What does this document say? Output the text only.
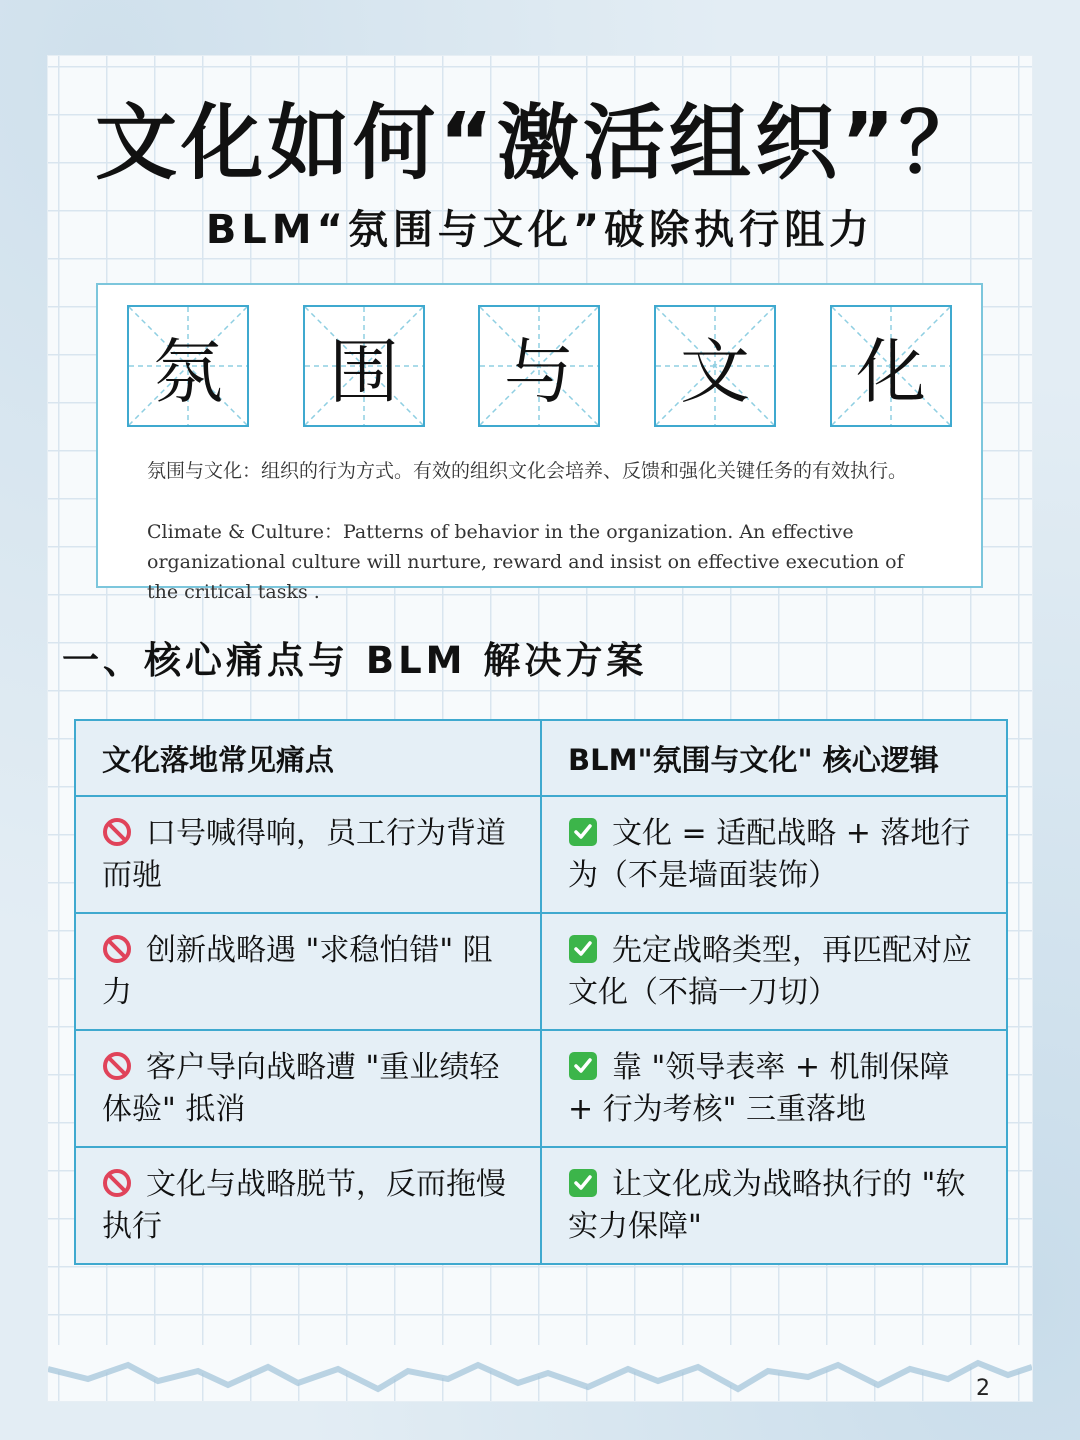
文化如何“激活组织”？
BLM“氛围与文化”破除执行阻力
氛	围	与	文	化
氛围与文化：组织的行为方式。有效的组织文化会培养、反馈和强化关键任务的有效执行。
Climate & Culture：Patterns of behavior in the organization. An effective organizational culture will nurture, reward and insist on effective execution of the critical tasks .
一、核心痛点与 BLM 解决方案
文化落地常见痛点	BLM"氛围与文化" 核心逻辑
口号喊得响，员工行为背道而驰	文化 = 适配战略 + 落地行为（不是墙面装饰）
创新战略遇 "求稳怕错" 阻力	先定战略类型，再匹配对应文化（不搞一刀切）
客户导向战略遭 "重业绩轻体验" 抵消	靠 "领导表率 + 机制保障 + 行为考核" 三重落地
文化与战略脱节，反而拖慢执行	让文化成为战略执行的 "软实力保障"
2
